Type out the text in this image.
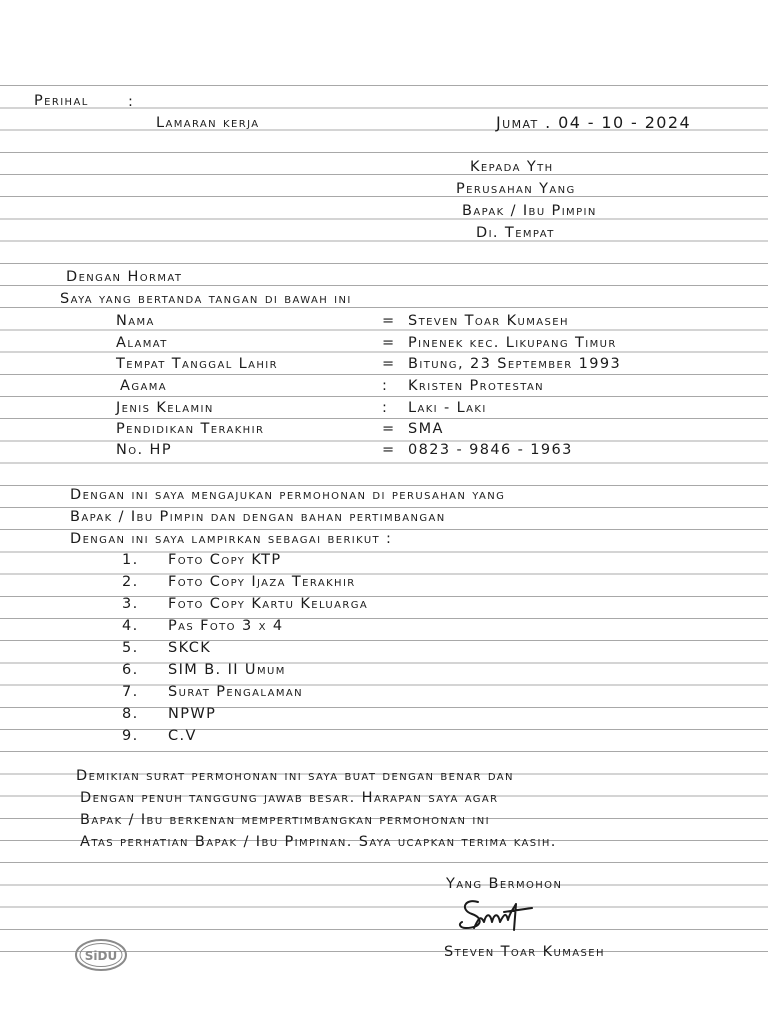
Perihal	:
Lamaran kerja	Jumat . 04 - 10 - 2024
Kepada Yth
Perusahan Yang
Bapak / Ibu Pimpin
Di. Tempat
Dengan Hormat
Saya yang bertanda tangan di bawah ini
Nama	= Steven Toar Kumaseh
Alamat	= Pinenek kec. Likupang Timur
Tempat Tanggal Lahir	= Bitung, 23 September 1993
Agama	: Kristen Protestan
Jenis Kelamin	: Laki - Laki
Pendidikan Terakhir	= SMA
No. HP	= 0823 - 9846 - 1963
Dengan ini saya mengajukan permohonan di perusahan yang
Bapak / Ibu Pimpin dan dengan bahan pertimbangan
Dengan ini saya lampirkan sebagai berikut :
1. Foto Copy KTP
2. Foto Copy Ijaza Terakhir
3. Foto Copy Kartu Keluarga
4. Pas Foto 3 x 4
5. SKCK
6. SIM B. II Umum
7. Surat Pengalaman
8. NPWP
9. C.V
Demikian surat permohonan ini saya buat dengan benar dan
Dengan penuh tanggung jawab besar. Harapan saya agar
Bapak / Ibu berkenan mempertimbangkan permohonan ini
Atas perhatian Bapak / Ibu Pimpinan. Saya ucapkan terima kasih.
Yang Bermohon
Steven Toar Kumaseh
SiDU
